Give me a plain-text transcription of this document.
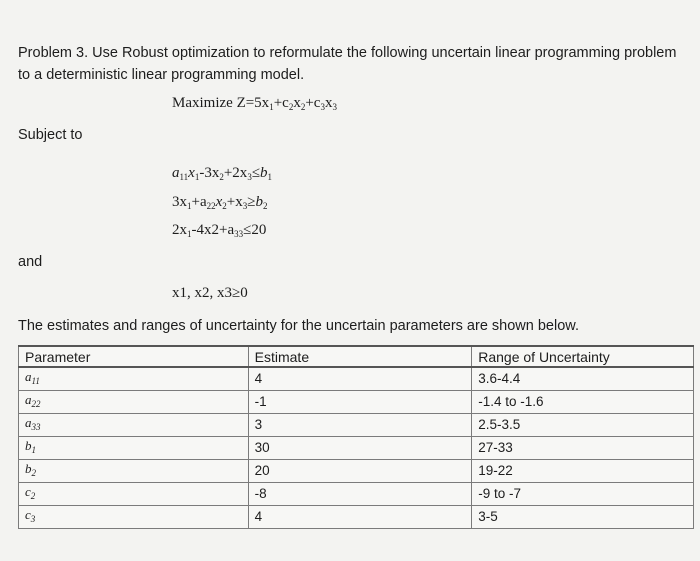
Problem 3. Use Robust optimization to reformulate the following uncertain linear programming problem to a deterministic linear programming model.
Maximize $Z=5x_1+c_2x_2+c_3x_3$
Subject to
$a_{11}x_1-3x_2+2x_3\le b_1$
$3x_1+a_{22}x_2+x_3\ge b_2$
$2x_1-4x2+a_{33}\le 20$
and
x1, x2, x3≥0
The estimates and ranges of uncertainty for the uncertain parameters are shown below.
Parameter	Estimate	Range of Uncertainty
$a_{11}$	4	3.6-4.4
$a_{22}$	-1	-1.4 to -1.6
$a_{33}$	3	2.5-3.5
$b_1$	30	27-33
$b_2$	20	19-22
$c_2$	-8	-9 to -7
$c_3$	4	3-5
